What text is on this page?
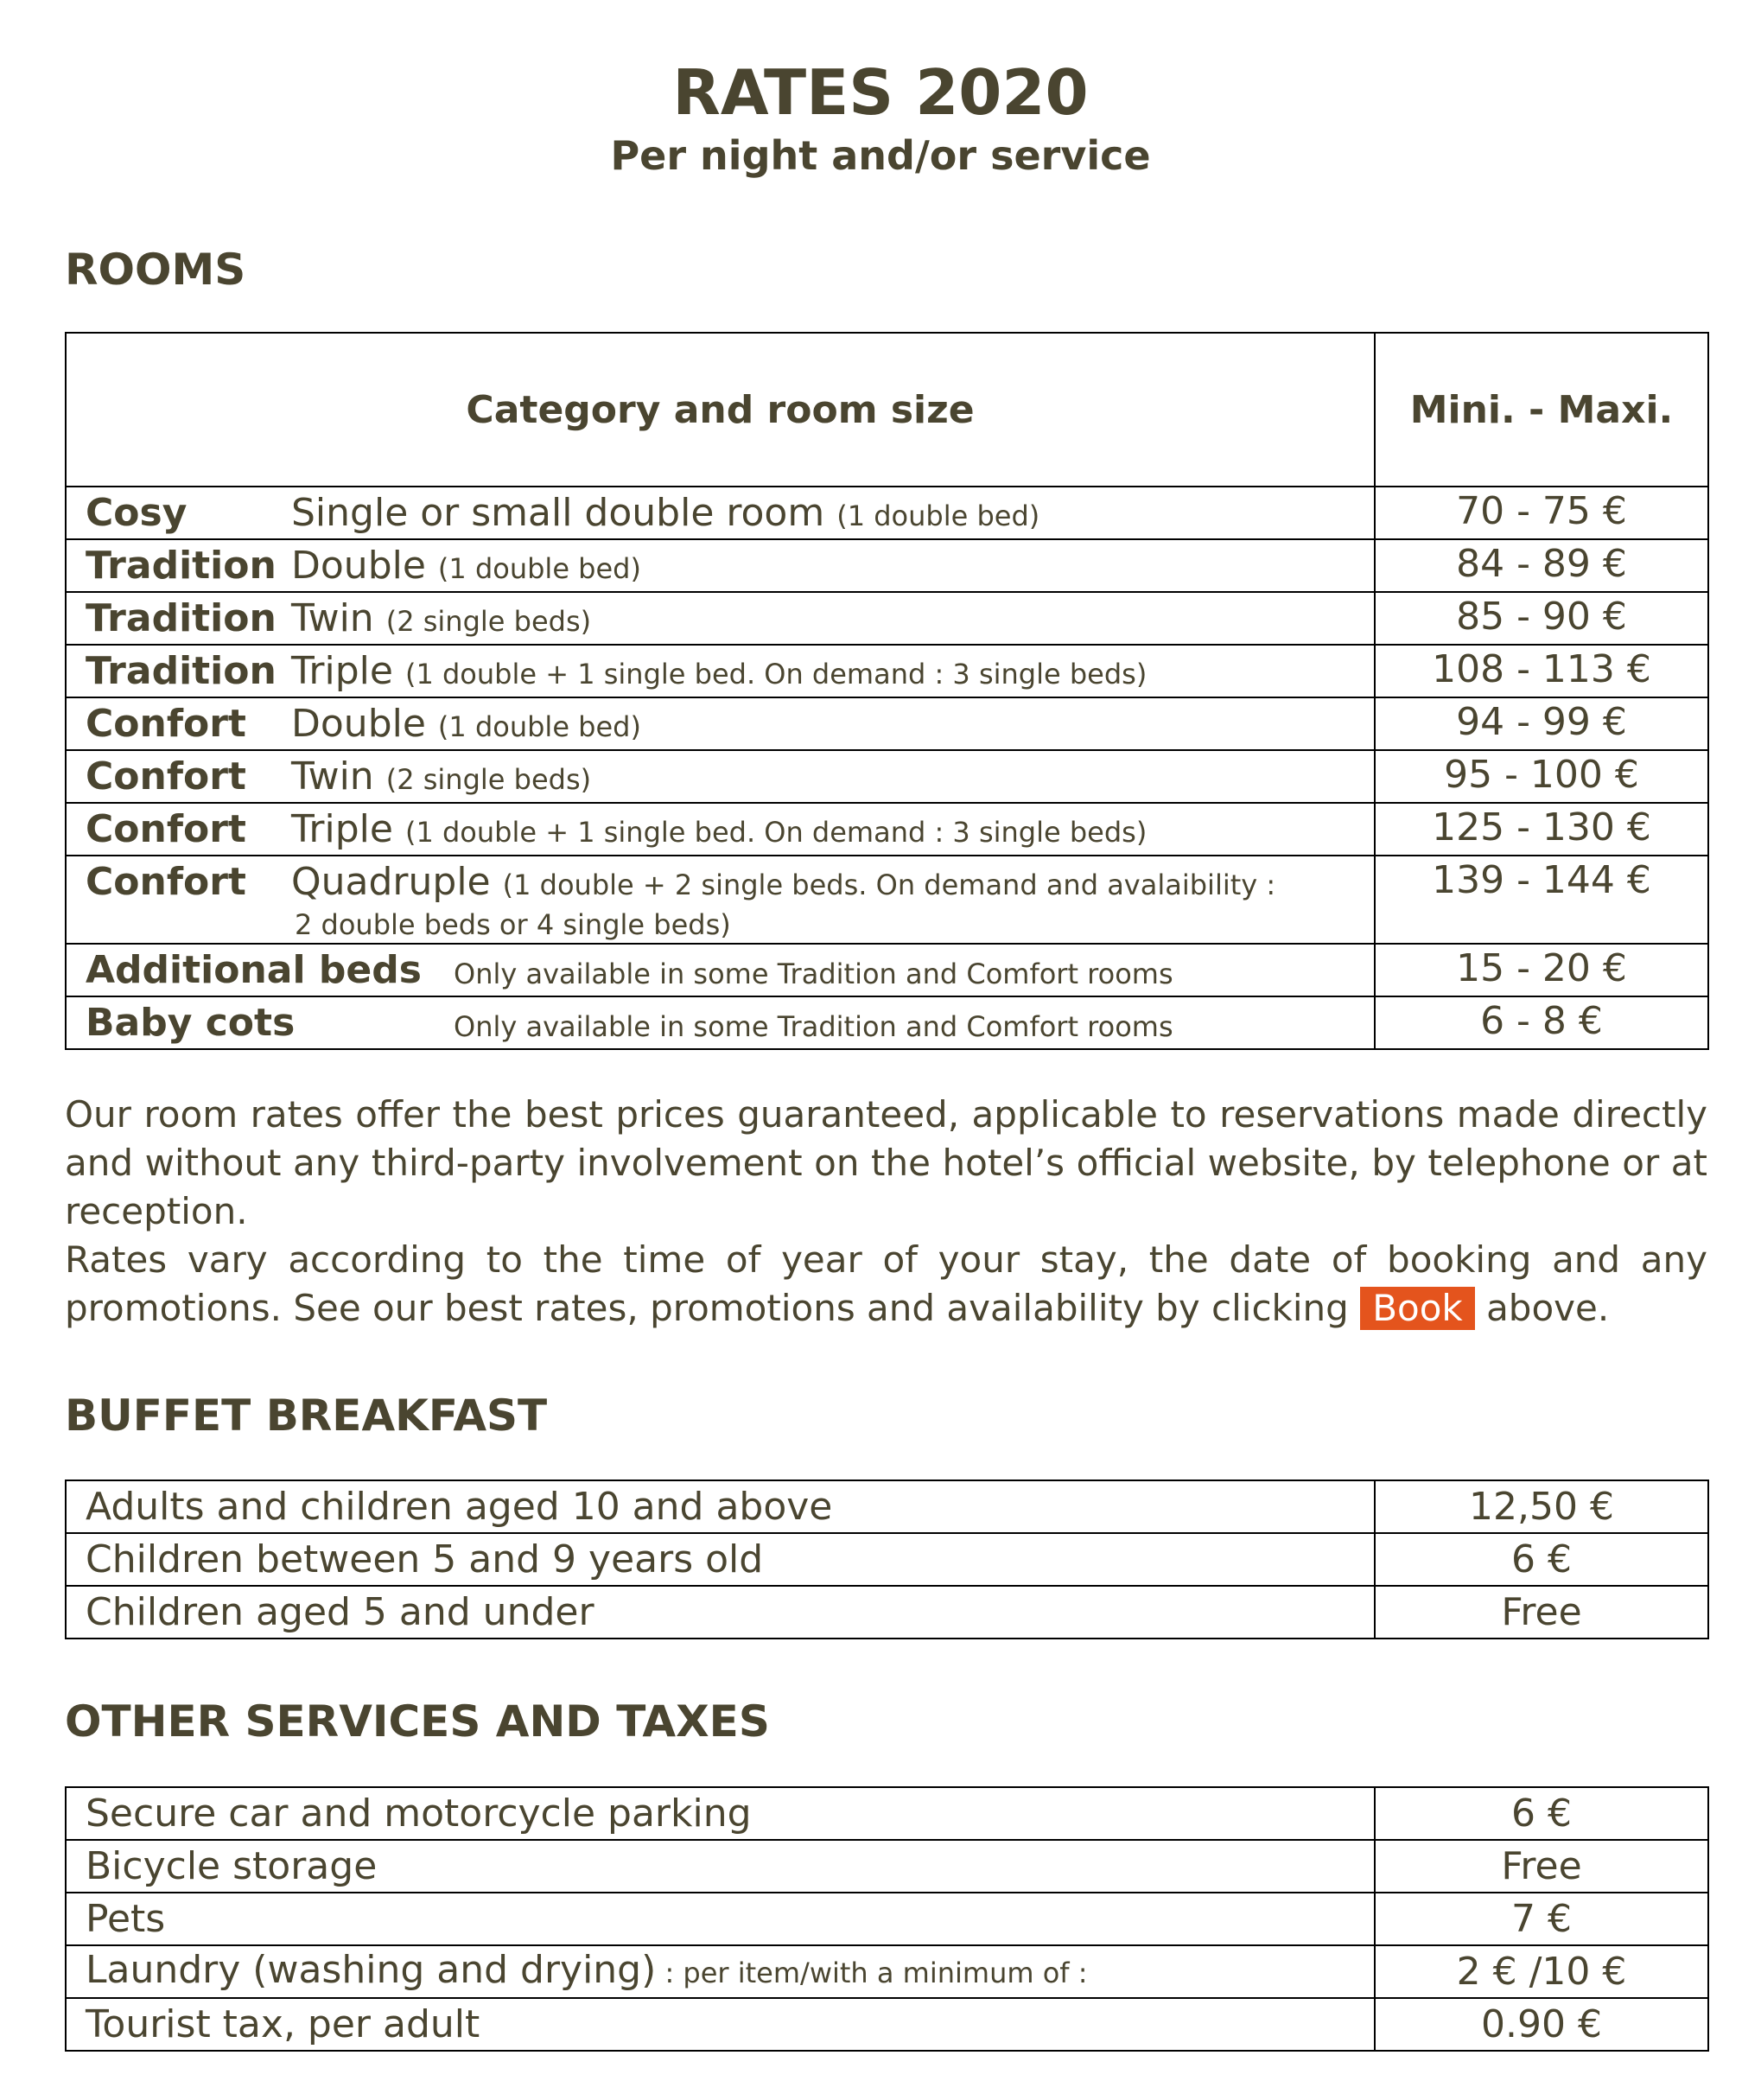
RATES 2020
Per night and/or service
ROOMS
Category and room size	Mini. - Maxi.

Cosy Single or small double room (1 double bed)	70 - 75 €

Tradition Double (1 double bed)	84 - 89 €

Tradition Twin (2 single beds)	85 - 90 €

Tradition Triple (1 double + 1 single bed. On demand : 3 single beds)	108 - 113 €

Confort Double (1 double bed)	94 - 99 €

Confort Twin (2 single beds)	95 - 100 €

Confort Triple (1 double + 1 single bed. On demand : 3 single beds)	125 - 130 €

Confort Quadruple (1 double + 2 single beds. On demand and avalaibility :
2 double beds or 4 single beds)	139 - 144 €

Additional beds Only available in some Tradition and Comfort rooms	15 - 20 €

Baby cots Only available in some Tradition and Comfort rooms	6 - 8 €

Our room rates offer the best prices guaranteed, applicable to reservations made directly and without any third-party involvement on the hotel’s official website, by telephone or at reception.

Rates vary according to the time of year of your stay, the date of booking and any promotions. See our best rates, promotions and availability by clicking Book above.

BUFFET BREAKFAST
Adults and children aged 10 and above	12,50 €
Children between 5 and 9 years old	6 €
Children aged 5 and under	Free
OTHER SERVICES AND TAXES
Secure car and motorcycle parking	6 €
Bicycle storage	Free
Pets	7 €
Laundry (washing and drying) : per item/with a minimum of :	2 € /10 €
Tourist tax, per adult	0.90 €
